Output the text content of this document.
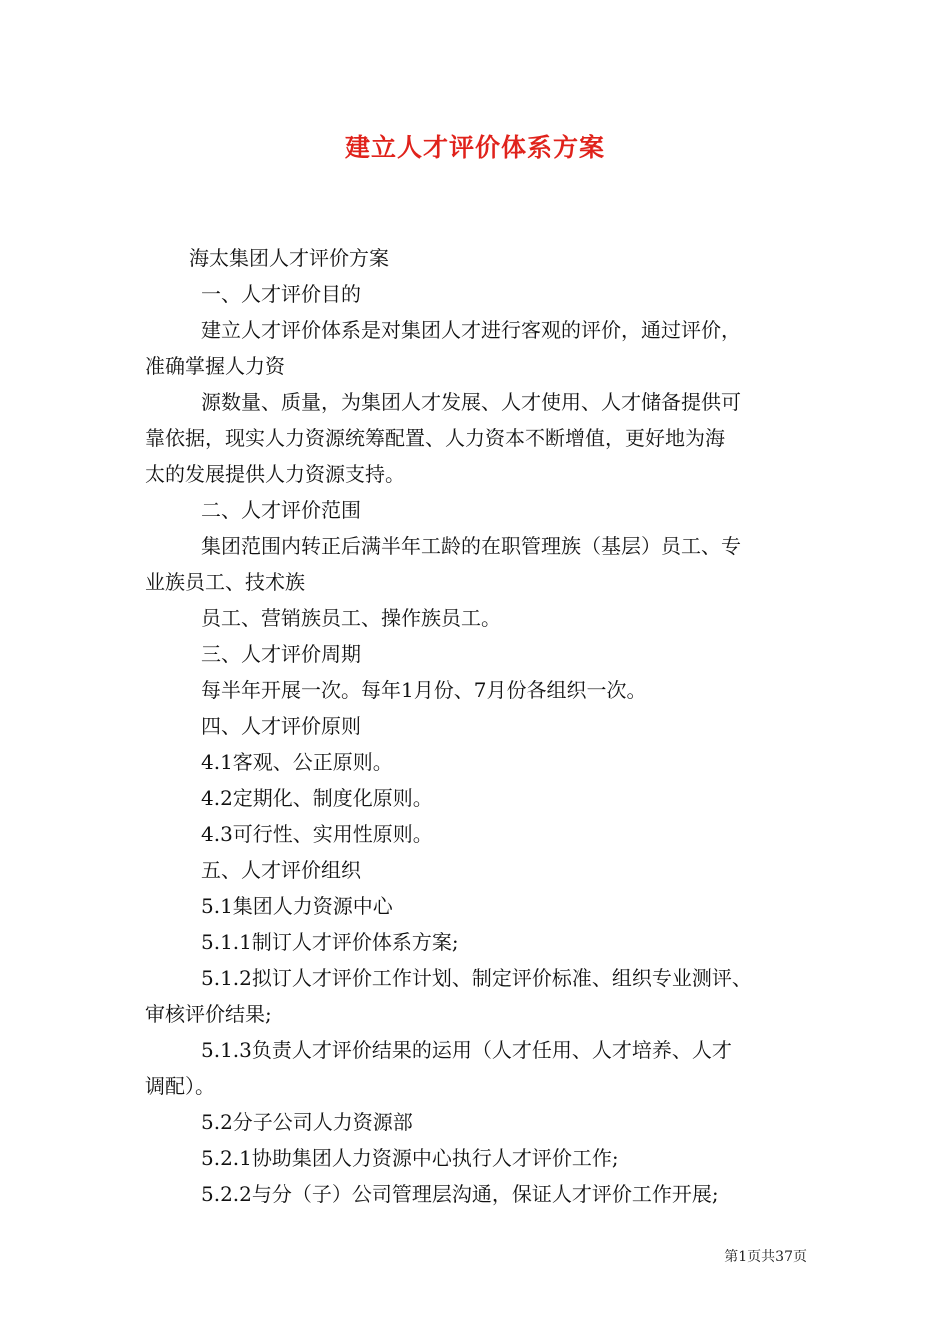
建立人才评价体系方案

海太集团人才评价方案

一、人才评价目的

建立人才评价体系是对集团人才进行客观的评价，通过评价，

准确掌握人力资

源数量、质量，为集团人才发展、人才使用、人才储备提供可

靠依据，现实人力资源统筹配置、人力资本不断增值，更好地为海

太的发展提供人力资源支持。

二、人才评价范围

集团范围内转正后满半年工龄的在职管理族（基层）员工、专

业族员工、技术族

员工、营销族员工、操作族员工。

三、人才评价周期

每半年开展一次。每年1月份、7月份各组织一次。

四、人才评价原则

4.1客观、公正原则。

4.2定期化、制度化原则。

4.3可行性、实用性原则。

五、人才评价组织

5.1集团人力资源中心

5.1.1制订人才评价体系方案;

5.1.2拟订人才评价工作计划、制定评价标准、组织专业测评、

审核评价结果;

5.1.3负责人才评价结果的运用（人才任用、人才培养、人才

调配）。

5.2分子公司人力资源部

5.2.1协助集团人力资源中心执行人才评价工作;

5.2.2与分（子）公司管理层沟通，保证人才评价工作开展;

第1页共37页
